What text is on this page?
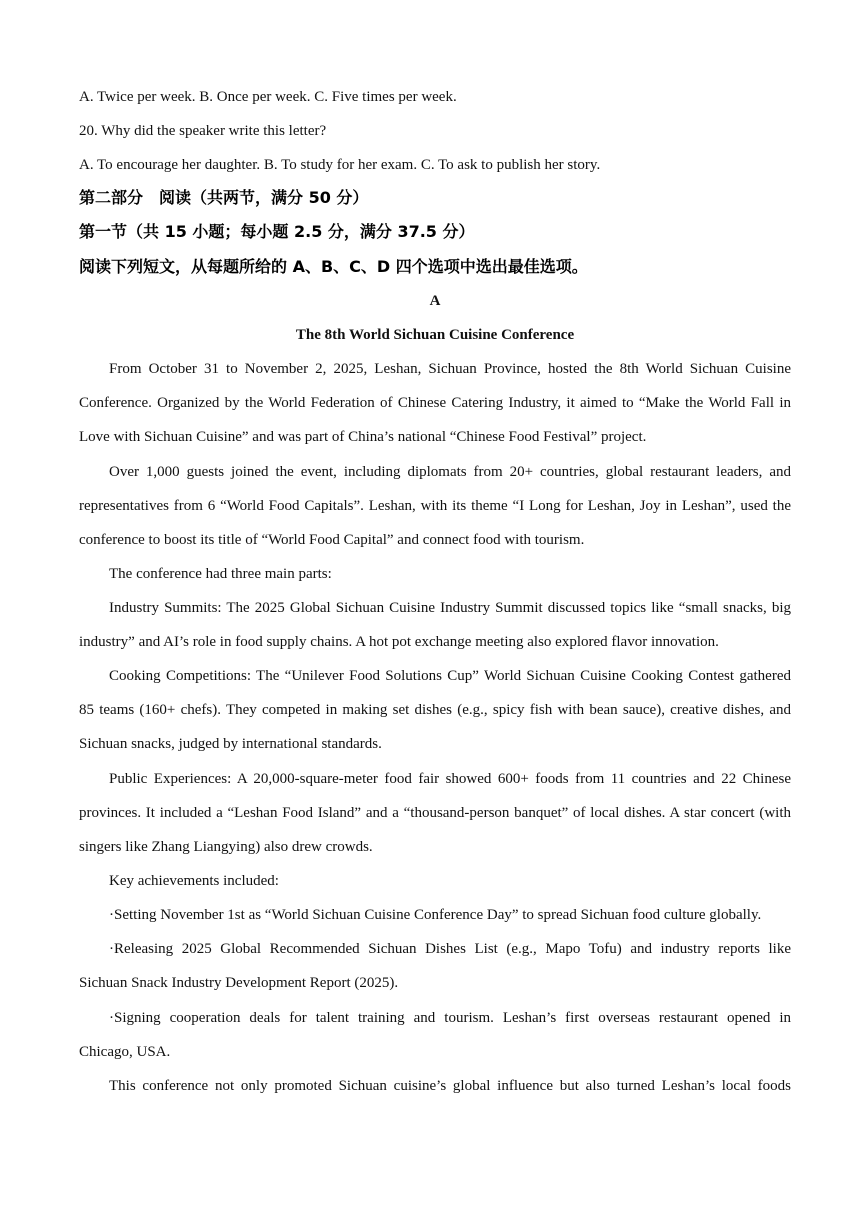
A. Twice per week. B. Once per week. C. Five times per week.
20. Why did the speaker write this letter?
A. To encourage her daughter. B. To study for her exam. C. To ask to publish her story.
第二部分　阅读（共两节，满分 50 分）
第一节（共 15 小题；每小题 2.5 分，满分 37.5 分）
阅读下列短文，从每题所给的 A、B、C、D 四个选项中选出最佳选项。
A
The 8th World Sichuan Cuisine Conference
From October 31 to November 2, 2025, Leshan, Sichuan Province, hosted the 8th World Sichuan Cuisine
Conference. Organized by the World Federation of Chinese Catering Industry, it aimed to “Make the World Fall in
Love with Sichuan Cuisine” and was part of China’s national “Chinese Food Festival” project.
Over 1,000 guests joined the event, including diplomats from 20+ countries, global restaurant leaders, and
representatives from 6 “World Food Capitals”. Leshan, with its theme “I Long for Leshan, Joy in Leshan”, used the
conference to boost its title of “World Food Capital” and connect food with tourism.
The conference had three main parts:
Industry Summits: The 2025 Global Sichuan Cuisine Industry Summit discussed topics like “small snacks, big
industry” and AI’s role in food supply chains. A hot pot exchange meeting also explored flavor innovation.
Cooking Competitions: The “Unilever Food Solutions Cup” World Sichuan Cuisine Cooking Contest gathered
85 teams (160+ chefs). They competed in making set dishes (e.g., spicy fish with bean sauce), creative dishes, and
Sichuan snacks, judged by international standards.
Public Experiences: A 20,000-square-meter food fair showed 600+ foods from 11 countries and 22 Chinese
provinces. It included a “Leshan Food Island” and a “thousand-person banquet” of local dishes. A star concert (with
singers like Zhang Liangying) also drew crowds.
Key achievements included:
·Setting November 1st as “World Sichuan Cuisine Conference Day” to spread Sichuan food culture globally.
·Releasing 2025 Global Recommended Sichuan Dishes List (e.g., Mapo Tofu) and industry reports like
Sichuan Snack Industry Development Report (2025).
·Signing cooperation deals for talent training and tourism. Leshan’s first overseas restaurant opened in
Chicago, USA.
This conference not only promoted Sichuan cuisine’s global influence but also turned Leshan’s local foods
